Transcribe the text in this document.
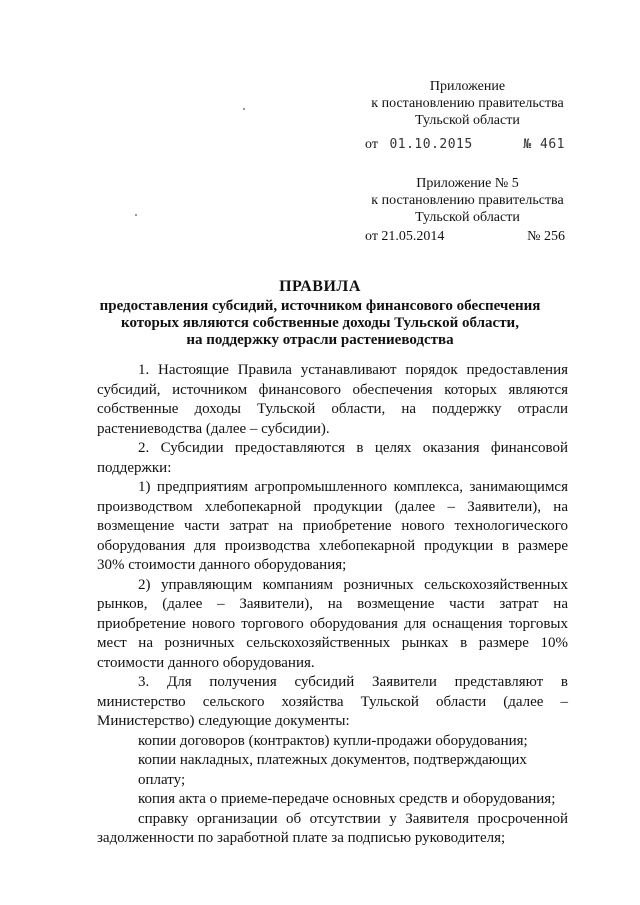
Приложение
к постановлению правительства
Тульской области
от 01.10.2015	№ 461
Приложение № 5
к постановлению правительства
Тульской области
от 21.05.2014	№ 256
ПРАВИЛА
предоставления субсидий, источником финансового обеспечения
которых являются собственные доходы Тульской области,
на поддержку отрасли растениеводства

1. Настоящие Правила устанавливают порядок предоставления субсидий, источником финансового обеспечения которых являются собственные доходы Тульской области, на поддержку отрасли растениеводства (далее – субсидии).

2. Субсидии предоставляются в целях оказания финансовой поддержки:

1) предприятиям агропромышленного комплекса, занимающимся производством хлебопекарной продукции (далее – Заявители), на возмещение части затрат на приобретение нового технологического оборудования для производства хлебопекарной продукции в размере 30% стоимости данного оборудования;

2) управляющим компаниям розничных сельскохозяйственных рынков, (далее – Заявители), на возмещение части затрат на приобретение нового торгового оборудования для оснащения торговых мест на розничных сельскохозяйственных рынках в размере 10% стоимости данного оборудования.

3. Для получения субсидий Заявители представляют в министерство сельского хозяйства Тульской области (далее – Министерство) следующие документы:

копии договоров (контрактов) купли-продажи оборудования;

копии накладных, платежных документов, подтверждающих оплату;

копия акта о приеме-передаче основных средств и оборудования;

справку организации об отсутствии у Заявителя просроченной задолженности по заработной плате за подписью руководителя;
